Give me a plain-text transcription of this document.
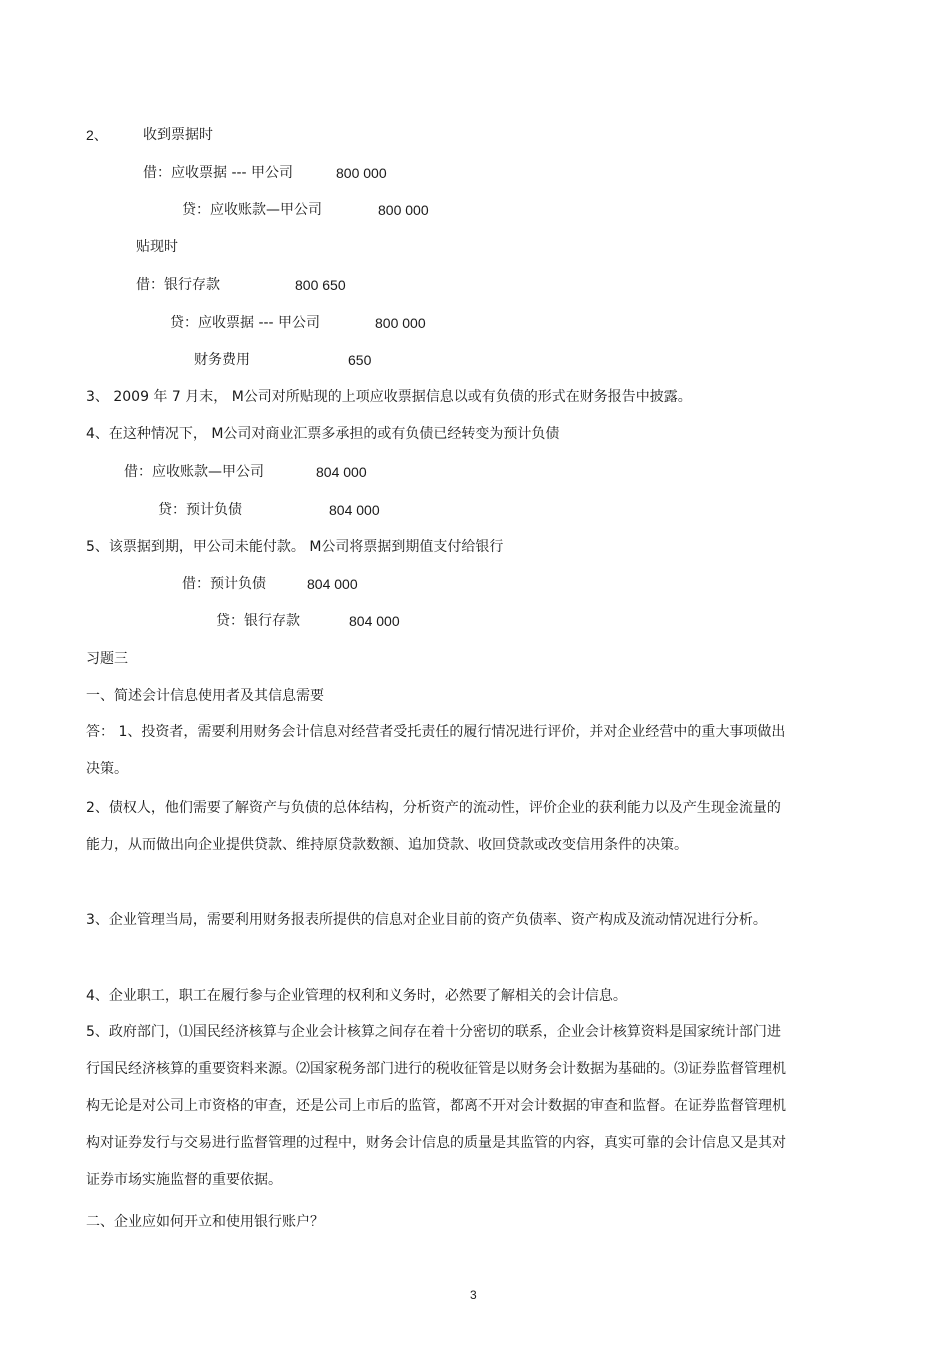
2、	收到票据时
借：应收票据 --- 甲公司	800 000
贷：应收账款—甲公司	800 000
贴现时
借：银行存款	800 650
贷：应收票据 --- 甲公司	800 000
财务费用	650
3、 2009 年 7 月末， M公司对所贴现的上项应收票据信息以或有负债的形式在财务报告中披露。
4、在这种情况下， M公司对商业汇票多承担的或有负债已经转变为预计负债
借：应收账款—甲公司	804 000
贷：预计负债	804 000
5、该票据到期，甲公司未能付款。 M公司将票据到期值支付给银行
借：预计负债	804 000
贷：银行存款	804 000
习题三
一、简述会计信息使用者及其信息需要
答： 1、投资者，需要利用财务会计信息对经营者受托责任的履行情况进行评价，并对企业经营中的重大事项做出决策。
2、债权人，他们需要了解资产与负债的总体结构，分析资产的流动性，评价企业的获利能力以及产生现金流量的能力，从而做出向企业提供贷款、维持原贷款数额、追加贷款、收回贷款或改变信用条件的决策。
3、企业管理当局，需要利用财务报表所提供的信息对企业目前的资产负债率、资产构成及流动情况进行分析。
4、企业职工，职工在履行参与企业管理的权利和义务时，必然要了解相关的会计信息。
5、政府部门，⑴国民经济核算与企业会计核算之间存在着十分密切的联系，企业会计核算资料是国家统计部门进行国民经济核算的重要资料来源。⑵国家税务部门进行的税收征管是以财务会计数据为基础的。⑶证券监督管理机构无论是对公司上市资格的审查，还是公司上市后的监管，都离不开对会计数据的审查和监督。在证券监督管理机构对证券发行与交易进行监督管理的过程中，财务会计信息的质量是其监管的内容，真实可靠的会计信息又是其对证券市场实施监督的重要依据。
二、企业应如何开立和使用银行账户？
3
